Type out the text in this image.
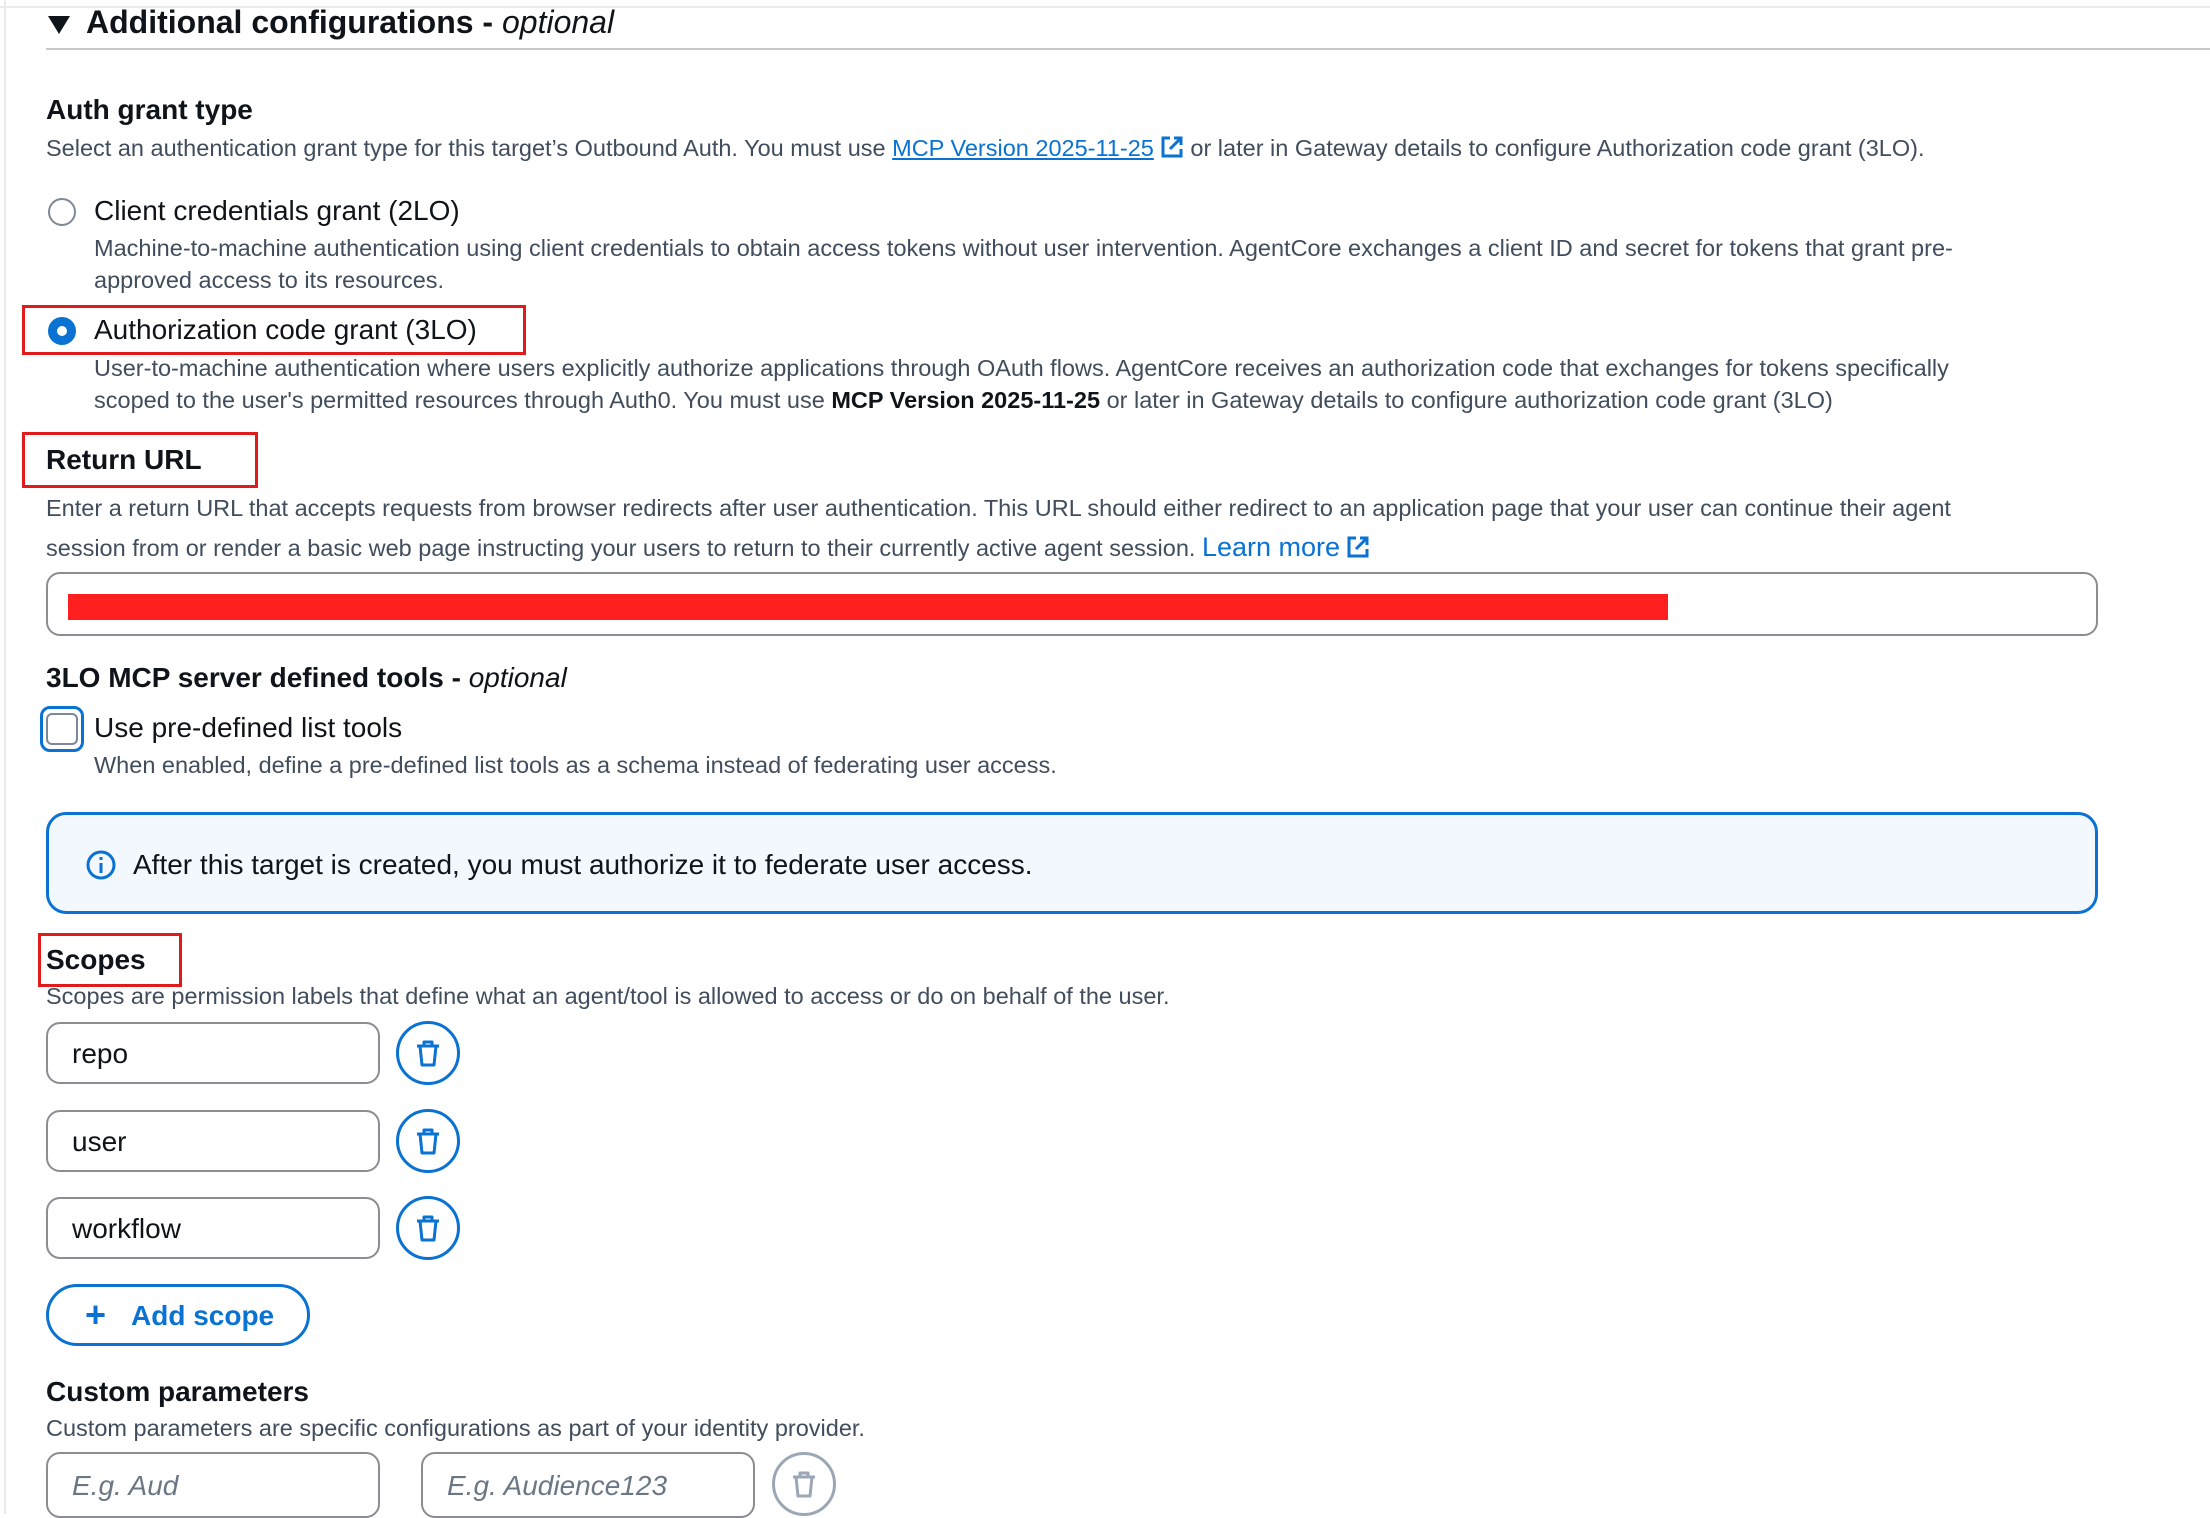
Additional configurations - optional
Auth grant type
Select an authentication grant type for this target’s Outbound Auth. You must use MCP Version 2025-11-25 or later in Gateway details to configure Authorization code grant (3LO).
Client credentials grant (2LO)
Machine-to-machine authentication using client credentials to obtain access tokens without user intervention. AgentCore exchanges a client ID and secret for tokens that grant pre-
approved access to its resources.
Authorization code grant (3LO)
User-to-machine authentication where users explicitly authorize applications through OAuth flows. AgentCore receives an authorization code that exchanges for tokens specifically
scoped to the user's permitted resources through Auth0. You must use MCP Version 2025-11-25 or later in Gateway details to configure authorization code grant (3LO)
Return URL
Enter a return URL that accepts requests from browser redirects after user authentication. This URL should either redirect to an application page that your user can continue their agent
session from or render a basic web page instructing your users to return to their currently active agent session. Learn more
3LO MCP server defined tools - optional
Use pre-defined list tools
When enabled, define a pre-defined list tools as a schema instead of federating user access.
After this target is created, you must authorize it to federate user access.
Scopes
Scopes are permission labels that define what an agent/tool is allowed to access or do on behalf of the user.
repo
user
workflow
+ Add scope
Custom parameters
Custom parameters are specific configurations as part of your identity provider.
E.g. Aud	E.g. Audience123
